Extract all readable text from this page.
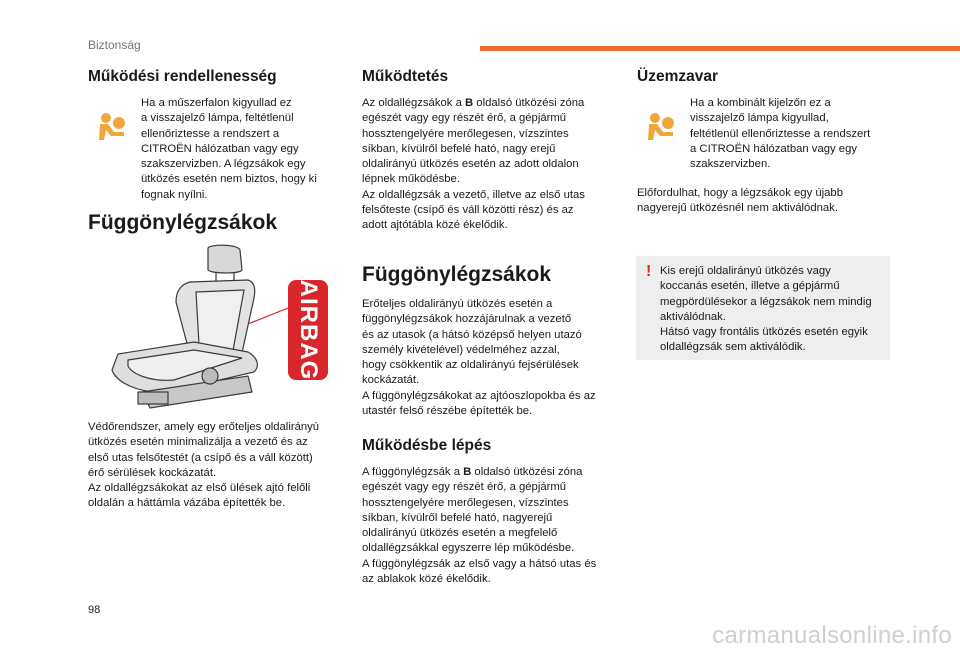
Biztonság
Működési rendellenesség

Ha a műszerfalon kigyullad ez
a visszajelző lámpa, feltétlenül
ellenőriztesse a rendszert a
CITROËN hálózatban vagy egy
szakszervizben. A légzsákok egy
ütközés esetén nem biztos, hogy ki
fognak nyílni.

Függönylégzsákok
AIRBAG

Védőrendszer, amely egy erőteljes oldalirányú
ütközés esetén minimalizálja a vezető és az
első utas felsőtestét (a csípő és a váll között)
érő sérülések kockázatát.
Az oldallégzsákokat az első ülések ajtó felőli
oldalán a háttámla vázába építették be.

Működtetés

Az oldallégzsákok a B oldalsó ütközési zóna
egészét vagy egy részét érő, a gépjármű
hossztengelyére merőlegesen, vízszintes
síkban, kívülről befelé ható, nagy erejű
oldalirányú ütközés esetén az adott oldalon
lépnek működésbe.
Az oldallégzsák a vezető, illetve az első utas
felsőteste (csípő és váll közötti rész) és az
adott ajtótábla közé ékelődik.

Függönylégzsákok

Erőteljes oldalirányú ütközés esetén a
függönylégzsákok hozzájárulnak a vezető
és az utasok (a hátsó középső helyen utazó
személy kivételével) védelméhez azzal,
hogy csökkentik az oldalirányú fejsérülések
kockázatát.
A függönylégzsákokat az ajtóoszlopokba és az
utastér felső részébe építették be.

Működésbe lépés

A függönylégzsák a B oldalsó ütközési zóna
egészét vagy egy részét érő, a gépjármű
hossztengelyére merőlegesen, vízszintes
síkban, kívülről befelé ható, nagyerejű
oldalirányú ütközés esetén a megfelelő
oldallégzsákkal egyszerre lép működésbe.
A függönylégzsák az első vagy a hátsó utas és
az ablakok közé ékelődik.

Üzemzavar

Ha a kombinált kijelzőn ez a
visszajelző lámpa kigyullad,
feltétlenül ellenőriztesse a rendszert
a CITROËN hálózatban vagy egy
szakszervizben.

Előfordulhat, hogy a légzsákok egy újabb
nagyerejű ütközésnél nem aktiválódnak.

! Kis erejű oldalirányú ütközés vagy
koccanás esetén, illetve a gépjármű
megpördülésekor a légzsákok nem mindig
aktiválódnak.
Hátsó vagy frontális ütközés esetén egyik
oldallégzsák sem aktiválódik.

98
carmanualsonline.info
